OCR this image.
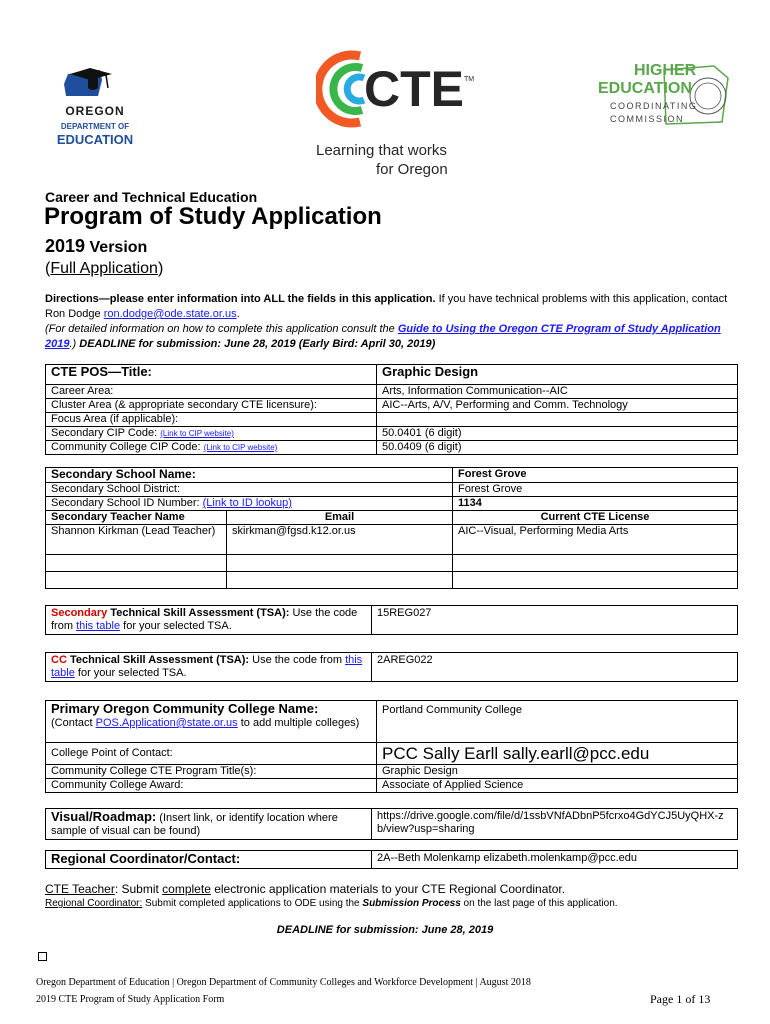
OREGON
DEPARTMENT OF
EDUCATION
CTE TM
Learning that works
for Oregon
HIGHER
EDUCATION
COORDINATING
COMMISSION
Career and Technical Education
Program of Study Application
2019 Version
(Full Application)
Directions—please enter information into ALL the fields in this application. If you have technical problems with this application, contact Ron Dodge ron.dodge@ode.state.or.us.
(For detailed information on how to complete this application consult the Guide to Using the Oregon CTE Program of Study Application 2019.) DEADLINE for submission: June 28, 2019 (Early Bird: April 30, 2019)
CTE POS—Title:	Graphic Design
Career Area:	Arts, Information Communication--AIC
Cluster Area (& appropriate secondary CTE licensure):	AIC--Arts, A/V, Performing and Comm. Technology
Focus Area (if applicable):	
Secondary CIP Code: (Link to CIP website)	50.0401 (6 digit)
Community College CIP Code: (Link to CIP website)	50.0409 (6 digit)
Secondary School Name:		Forest Grove
Secondary School District:		Forest Grove
Secondary School ID Number: (Link to ID lookup)		1134
Secondary Teacher Name	Email	Current CTE License
Shannon Kirkman (Lead Teacher)	skirkman@fgsd.k12.or.us	AIC--Visual, Performing Media Arts

Secondary Technical Skill Assessment (TSA): Use the code from this table for your selected TSA.	15REG027
CC Technical Skill Assessment (TSA): Use the code from this table for your selected TSA.	2AREG022
Primary Oregon Community College Name:
(Contact POS.Application@state.or.us to add multiple colleges)	Portland Community College
College Point of Contact:	PCC Sally Earll sally.earll@pcc.edu
Community College CTE Program Title(s):	Graphic Design
Community College Award:	Associate of Applied Science
Visual/Roadmap: (Insert link, or identify location where sample of visual can be found)	https://drive.google.com/file/d/1ssbVNfADbnP5fcrxo4GdYCJ5UyQHX-zb/view?usp=sharing
Regional Coordinator/Contact:	2A--Beth Molenkamp elizabeth.molenkamp@pcc.edu
CTE Teacher: Submit complete electronic application materials to your CTE Regional Coordinator.
Regional Coordinator: Submit completed applications to ODE using the Submission Process on the last page of this application.
DEADLINE for submission: June 28, 2019
Oregon Department of Education | Oregon Department of Community Colleges and Workforce Development | August 2018
2019 CTE Program of Study Application Form	Page 1 of 13
